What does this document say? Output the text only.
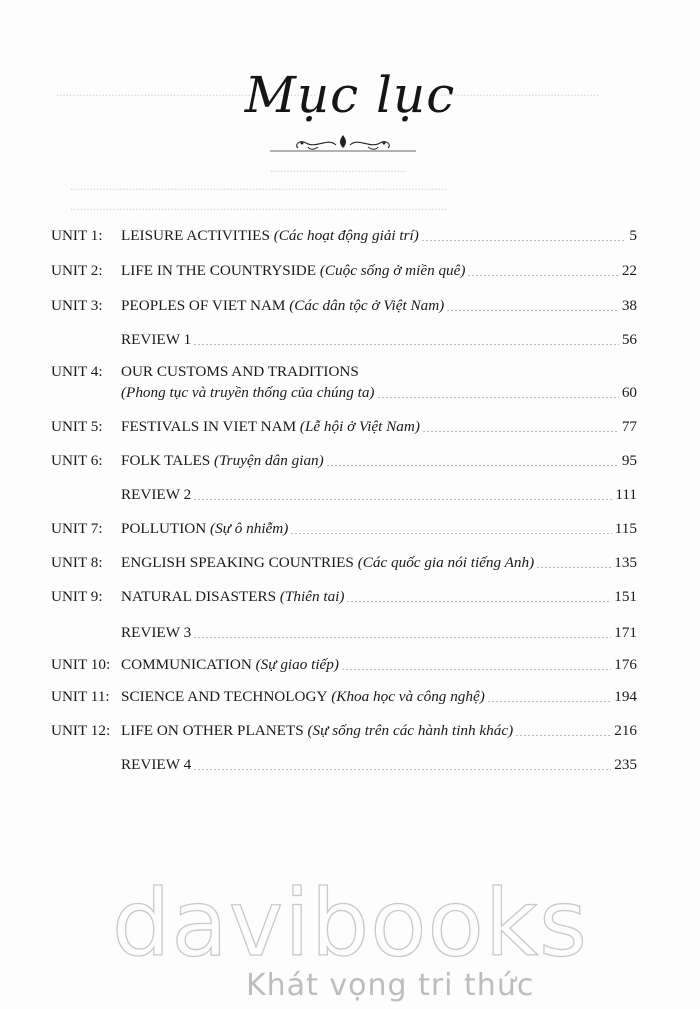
................................................................................	.................................................
..........................................
....................................................................................................................
....................................................................................................................
Mục lục
UNIT 1: LEISURE ACTIVITIES
(Các hoạt động giải trí)	5
UNIT 2: LIFE IN THE COUNTRYSIDE
(Cuộc sống ở miền quê)	22
UNIT 3: PEOPLES OF VIET NAM
(Các dân tộc ở Việt Nam)	38
REVIEW 1	56
UNIT 4: OUR CUSTOMS AND TRADITIONS
(Phong tục và truyền thống của chúng ta)	60
UNIT 5: FESTIVALS IN VIET NAM
(Lễ hội ở Việt Nam)	77
UNIT 6: FOLK TALES
(Truyện dân gian)	95
REVIEW 2	111
UNIT 7: POLLUTION
(Sự ô nhiễm)	115
UNIT 8: ENGLISH SPEAKING COUNTRIES
(Các quốc gia nói tiếng Anh)	135
UNIT 9: NATURAL DISASTERS
(Thiên tai)	151
REVIEW 3	171
UNIT 10: COMMUNICATION
(Sự giao tiếp)	176
UNIT 11: SCIENCE AND TECHNOLOGY
(Khoa học và công nghệ)	194
UNIT 12: LIFE ON OTHER PLANETS
(Sự sống trên các hành tinh khác)	216
REVIEW 4	235
davibooks
Khát vọng tri thức
